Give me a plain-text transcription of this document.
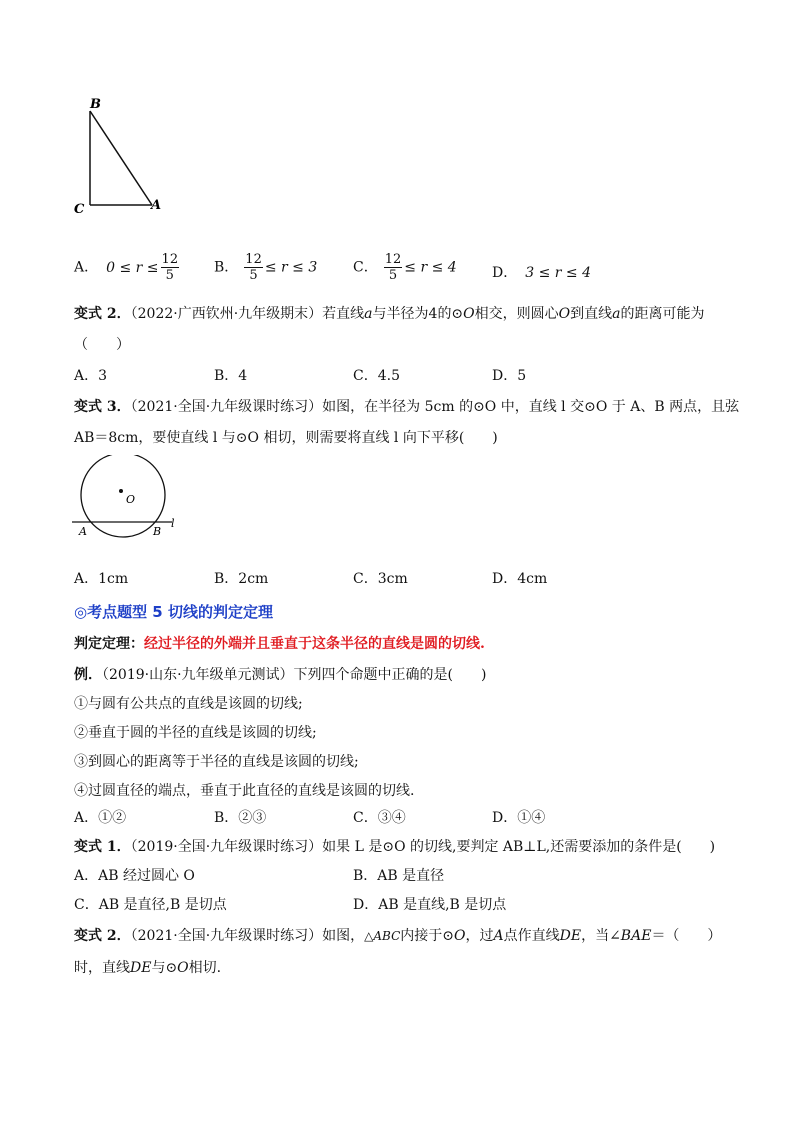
B
C	A
A． $0 \le r \le \frac{12}{5}$ B． $\frac{12}{5} \le r \le 3$	C． $\frac{12}{5} \le r \le 4$	D． 3 ≤ r ≤ 4
变式 2．（2022·广西钦州·九年级期末）若直线a与半径为4的⊙O相交，则圆心O到直线a的距离可能为
（　　）
A．3	B．4	C．4.5	D．5
变式 3．（2021·全国·九年级课时练习）如图，在半径为 5cm 的⊙O 中，直线 l 交⊙O 于 A、B 两点，且弦
AB＝8cm，要使直线 l 与⊙O 相切，则需要将直线 l 向下平移(　　)
O
A	B
l
A．1cm	B．2cm	C．3cm	D．4cm
◎考点题型 5 切线的判定定理
判定定理：经过半径的外端并且垂直于这条半径的直线是圆的切线.
例．（2019·山东·九年级单元测试）下列四个命题中正确的是(　　)
①与圆有公共点的直线是该圆的切线;
②垂直于圆的半径的直线是该圆的切线;
③到圆心的距离等于半径的直线是该圆的切线;
④过圆直径的端点，垂直于此直径的直线是该圆的切线.
A．①②	B．②③	C．③④	D．①④
变式 1．（2019·全国·九年级课时练习）如果 L 是⊙O 的切线,要判定 AB⊥L,还需要添加的条件是(　　)
A．AB 经过圆心 O	B．AB 是直径
C．AB 是直径,B 是切点	D．AB 是直线,B 是切点
变式 2．（2021·全国·九年级课时练习）如图，△ABC内接于⊙O，过A点作直线DE，当∠BAE＝（　　）
时，直线DE与⊙O相切.
